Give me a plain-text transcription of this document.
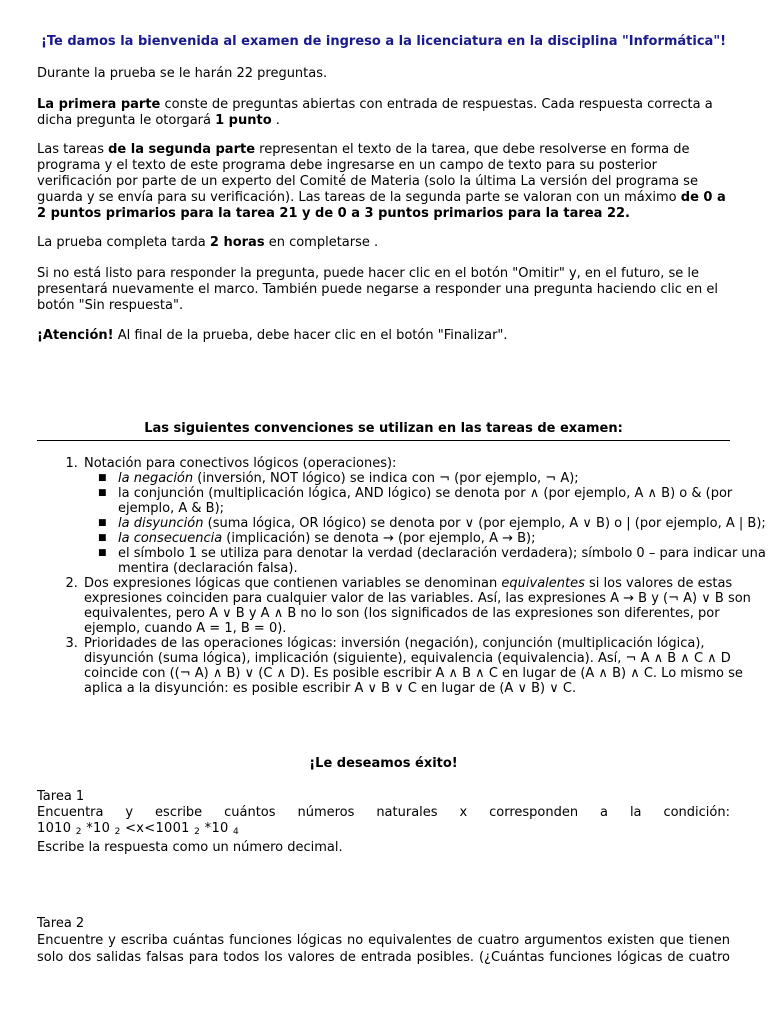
¡Te damos la bienvenida al examen de ingreso a la licenciatura en la disciplina "Informática"!

Durante la prueba se le harán 22 preguntas.

La primera parte conste de preguntas abiertas con entrada de respuestas. Cada respuesta correcta a dicha pregunta le otorgará 1 punto .

Las tareas de la segunda parte representan el texto de la tarea, que debe resolverse en forma de programa y el texto de este programa debe ingresarse en un campo de texto para su posterior verificación por parte de un experto del Comité de Materia (solo la última La versión del programa se guarda y se envía para su verificación). Las tareas de la segunda parte se valoran con un máximo de 0 a 2 puntos primarios para la tarea 21 y de 0 a 3 puntos primarios para la tarea 22.

La prueba completa tarda 2 horas en completarse .

Si no está listo para responder la pregunta, puede hacer clic en el botón "Omitir" y, en el futuro, se le presentará nuevamente el marco. También puede negarse a responder una pregunta haciendo clic en el botón "Sin respuesta".

¡Atención! Al final de la prueba, debe hacer clic en el botón "Finalizar".

Las siguientes convenciones se utilizan en las tareas de examen:
1. Notación para conectivos lógicos (operaciones):
■ la negación (inversión, NOT lógico) se indica con ¬ (por ejemplo, ¬ A);
■ la conjunción (multiplicación lógica, AND lógico) se denota por ∧ (por ejemplo, A ∧ B) o & (por ejemplo, A & B);
■ la disyunción (suma lógica, OR lógico) se denota por ∨ (por ejemplo, A ∨ B) o | (por ejemplo, A | B);
■ la consecuencia (implicación) se denota → (por ejemplo, A → B);
■ el símbolo 1 se utiliza para denotar la verdad (declaración verdadera); símbolo 0 – para indicar una mentira (declaración falsa).
2. Dos expresiones lógicas que contienen variables se denominan equivalentes si los valores de estas expresiones coinciden para cualquier valor de las variables. Así, las expresiones A → B y (¬ A) ∨ B son equivalentes, pero A ∨ B y A ∧ B no lo son (los significados de las expresiones son diferentes, por ejemplo, cuando A = 1, B = 0).
3. Prioridades de las operaciones lógicas: inversión (negación), conjunción (multiplicación lógica), disyunción (suma lógica), implicación (siguiente), equivalencia (equivalencia). Así, ¬ A ∧ B ∧ C ∧ D coincide con ((¬ A) ∧ B) ∨ (C ∧ D). Es posible escribir A ∧ B ∧ C en lugar de (A ∧ B) ∧ C. Lo mismo se aplica a la disyunción: es posible escribir A ∨ B ∨ C en lugar de (A ∨ B) ∨ C.
¡Le deseamos éxito!

Tarea 1

Encuentra y escribe cuántos números naturales x corresponden a la condición:

1010 $_2$ *10 $_2$ <x<1001 $_2$ *10 $_4$

Escribe la respuesta como un número decimal.

Tarea 2

Encuentre y escriba cuántas funciones lógicas no equivalentes de cuatro argumentos existen que tienen solo dos salidas falsas para todos los valores de entrada posibles. (¿Cuántas funciones lógicas de cuatro
